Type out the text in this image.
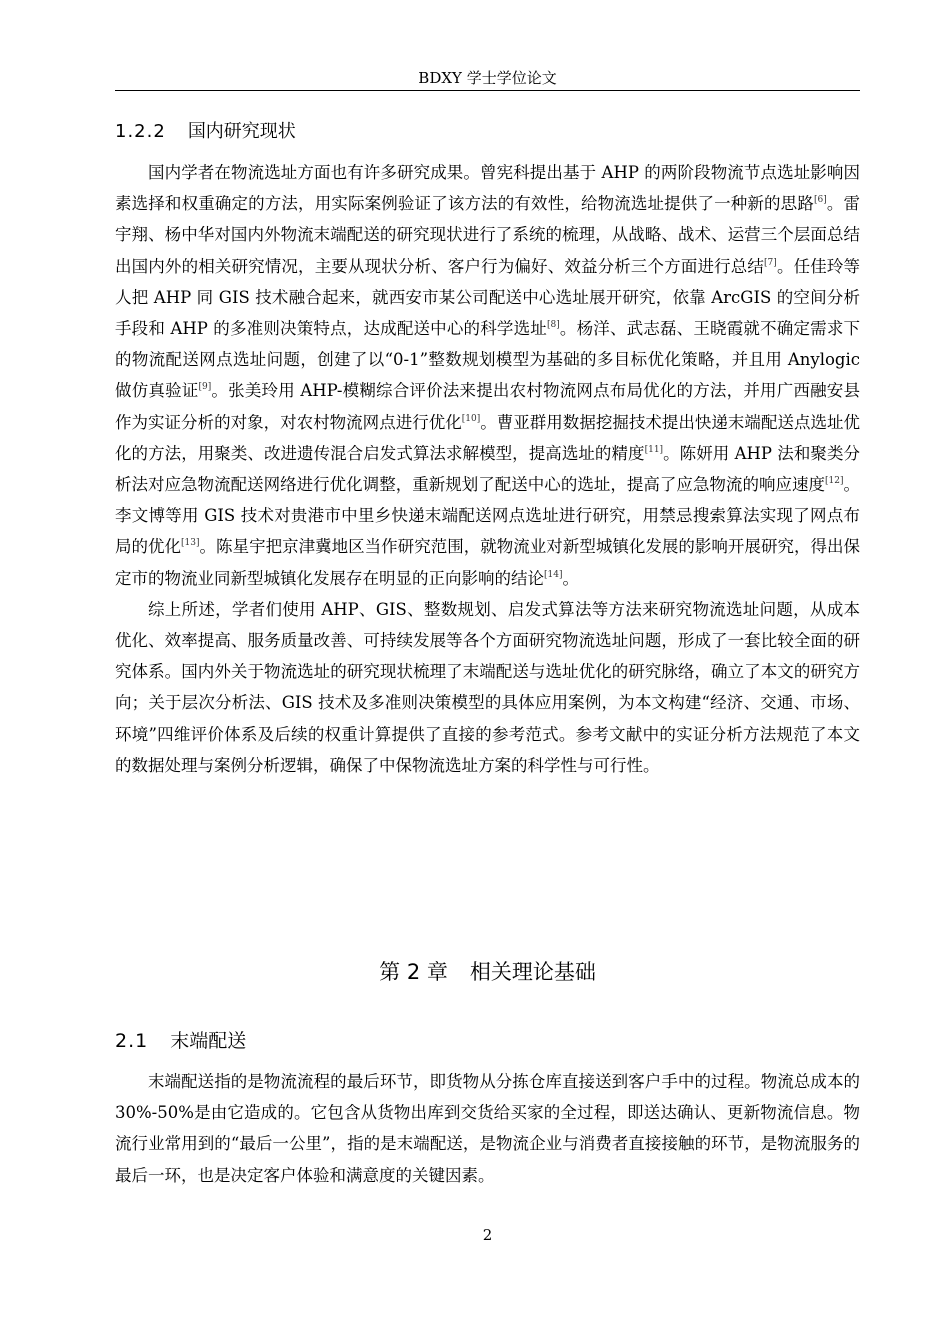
BDXY 学士学位论文
1.2.2 国内研究现状

国内学者在物流选址方面也有许多研究成果。曾宪科提出基于 AHP 的两阶段物流节点选址影响因素选择和权重确定的方法，用实际案例验证了该方法的有效性，给物流选址提供了一种新的思路[6]。雷宇翔、杨中华对国内外物流末端配送的研究现状进行了系统的梳理，从战略、战术、运营三个层面总结出国内外的相关研究情况，主要从现状分析、客户行为偏好、效益分析三个方面进行总结[7]。任佳玲等人把 AHP 同 GIS 技术融合起来，就西安市某公司配送中心选址展开研究，依靠 ArcGIS 的空间分析手段和 AHP 的多准则决策特点，达成配送中心的科学选址[8]。杨洋、武志磊、王晓霞就不确定需求下的物流配送网点选址问题，创建了以“0-1”整数规划模型为基础的多目标优化策略，并且用 Anylogic 做仿真验证[9]。张美玲用 AHP-模糊综合评价法来提出农村物流网点布局优化的方法，并用广西融安县作为实证分析的对象，对农村物流网点进行优化[10]。曹亚群用数据挖掘技术提出快递末端配送点选址优化的方法，用聚类、改进遗传混合启发式算法求解模型，提高选址的精度[11]。陈妍用 AHP 法和聚类分析法对应急物流配送网络进行优化调整，重新规划了配送中心的选址，提高了应急物流的响应速度[12]。李文博等用 GIS 技术对贵港市中里乡快递末端配送网点选址进行研究，用禁忌搜索算法实现了网点布局的优化[13]。陈星宇把京津冀地区当作研究范围，就物流业对新型城镇化发展的影响开展研究，得出保定市的物流业同新型城镇化发展存在明显的正向影响的结论[14]。

综上所述，学者们使用 AHP、GIS、整数规划、启发式算法等方法来研究物流选址问题，从成本优化、效率提高、服务质量改善、可持续发展等各个方面研究物流选址问题，形成了一套比较全面的研究体系。国内外关于物流选址的研究现状梳理了末端配送与选址优化的研究脉络，确立了本文的研究方向；关于层次分析法、GIS 技术及多准则决策模型的具体应用案例，为本文构建“经济、交通、市场、环境”四维评价体系及后续的权重计算提供了直接的参考范式。参考文献中的实证分析方法规范了本文的数据处理与案例分析逻辑，确保了中保物流选址方案的科学性与可行性。

第 2 章 相关理论基础
2.1 末端配送

末端配送指的是物流流程的最后环节，即货物从分拣仓库直接送到客户手中的过程。物流总成本的 30%-50%是由它造成的。它包含从货物出库到交货给买家的全过程，即送达确认、更新物流信息。物流行业常用到的“最后一公里”，指的是末端配送，是物流企业与消费者直接接触的环节，是物流服务的最后一环，也是决定客户体验和满意度的关键因素。

2
